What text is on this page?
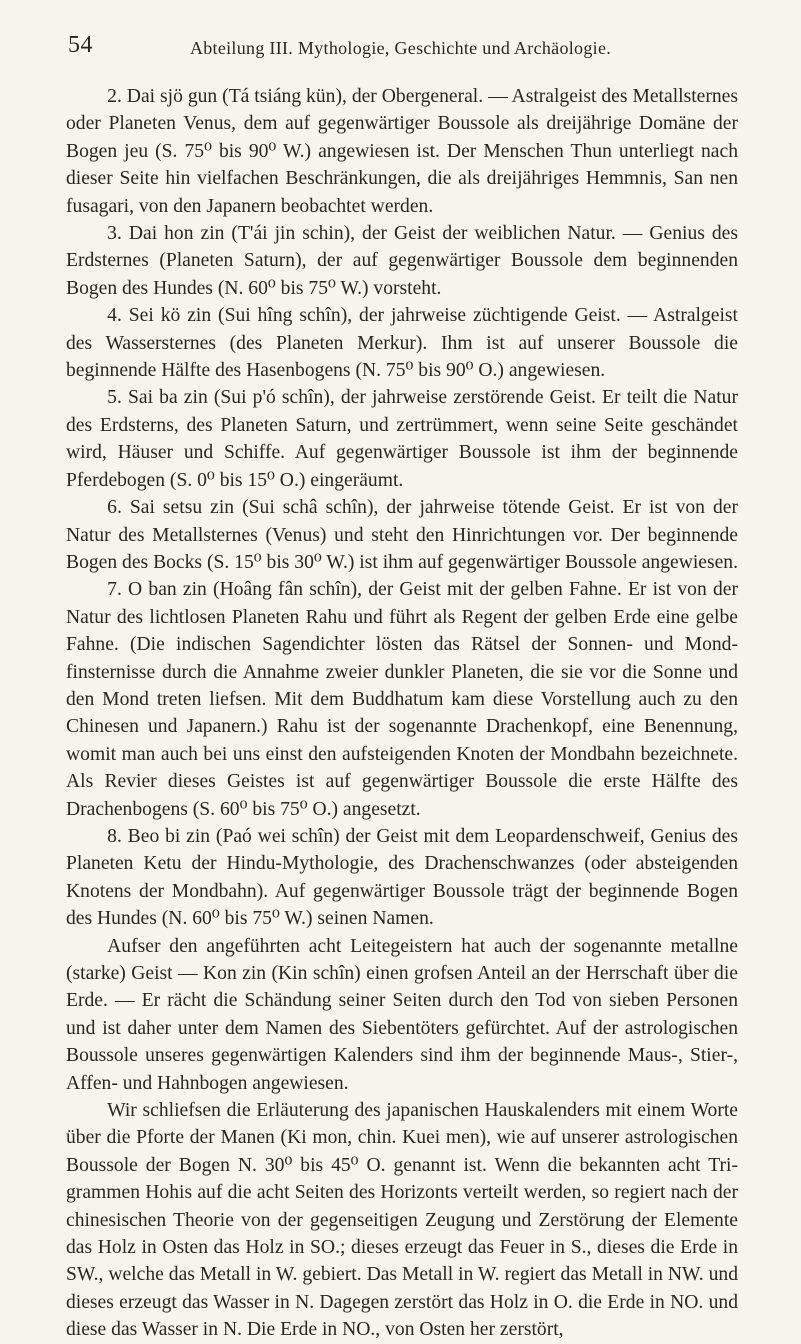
54	Abteilung III. Mythologie, Geschichte und Archäologie.

2. Dai sjö gun (Tá tsiáng kün), der Obergeneral. — Astralgeist des Metallsternes oder Planeten Venus, dem auf gegenwärtiger Boussole als dreijährige Domäne der Bogen jeu (S. 75⁰ bis 90⁰ W.) angewiesen ist. Der Menschen Thun unterliegt nach dieser Seite hin vielfachen Beschränkungen, die als dreijähriges Hemmnis, San nen fusagari, von den Japanern beobachtet werden.

3. Dai hon zin (T'ái jin schin), der Geist der weiblichen Natur. — Genius des Erdsternes (Planeten Saturn), der auf gegenwärtiger Boussole dem beginnenden Bogen des Hundes (N. 60⁰ bis 75⁰ W.) vorsteht.

4. Sei kö zin (Sui hîng schîn), der jahrweise züchtigende Geist. — Astralgeist des Wassersternes (des Planeten Merkur). Ihm ist auf unserer Boussole die beginnende Hälfte des Hasenbogens (N. 75⁰ bis 90⁰ O.) angewiesen.

5. Sai ba zin (Sui p'ó schîn), der jahrweise zerstörende Geist. Er teilt die Natur des Erdsterns, des Planeten Saturn, und zertrümmert, wenn seine Seite geschändet wird, Häuser und Schiffe. Auf gegenwärtiger Boussole ist ihm der beginnende Pferdebogen (S. 0⁰ bis 15⁰ O.) eingeräumt.

6. Sai setsu zin (Sui schâ schîn), der jahrweise tötende Geist. Er ist von der Natur des Metallsternes (Venus) und steht den Hinrichtungen vor. Der beginnende Bogen des Bocks (S. 15⁰ bis 30⁰ W.) ist ihm auf gegenwärtiger Boussole angewiesen.

7. O ban zin (Hoâng fân schîn), der Geist mit der gelben Fahne. Er ist von der Natur des lichtlosen Planeten Rahu und führt als Regent der gelben Erde eine gelbe Fahne. (Die indischen Sagendichter lösten das Rätsel der Sonnen- und Mondfinsternisse durch die Annahme zweier dunkler Planeten, die sie vor die Sonne und den Mond treten liefsen. Mit dem Buddhatum kam diese Vorstellung auch zu den Chinesen und Japanern.) Rahu ist der sogenannte Drachenkopf, eine Benennung, womit man auch bei uns einst den aufsteigenden Knoten der Mondbahn bezeichnete. Als Revier dieses Geistes ist auf gegenwärtiger Boussole die erste Hälfte des Drachenbogens (S. 60⁰ bis 75⁰ O.) angesetzt.

8. Beo bi zin (Paó wei schîn) der Geist mit dem Leopardenschweif, Genius des Planeten Ketu der Hindu-Mythologie, des Drachenschwanzes (oder absteigenden Knotens der Mondbahn). Auf gegenwärtiger Boussole trägt der beginnende Bogen des Hundes (N. 60⁰ bis 75⁰ W.) seinen Namen.

Aufser den angeführten acht Leitegeistern hat auch der sogenannte metallne (starke) Geist — Kon zin (Kin schîn) einen grofsen Anteil an der Herrschaft über die Erde. — Er rächt die Schändung seiner Seiten durch den Tod von sieben Personen und ist daher unter dem Namen des Siebentöters gefürchtet. Auf der astrologischen Boussole unseres gegenwärtigen Kalenders sind ihm der beginnende Maus-, Stier-, Affen- und Hahnbogen angewiesen.

Wir schliefsen die Erläuterung des japanischen Hauskalenders mit einem Worte über die Pforte der Manen (Ki mon, chin. Kuei men), wie auf unserer astrologischen Boussole der Bogen N. 30⁰ bis 45⁰ O. genannt ist. Wenn die bekannten acht Trigrammen Hohis auf die acht Seiten des Horizonts verteilt werden, so regiert nach der chinesischen Theorie von der gegenseitigen Zeugung und Zerstörung der Elemente das Holz in Osten das Holz in SO.; dieses erzeugt das Feuer in S., dieses die Erde in SW., welche das Metall in W. gebiert. Das Metall in W. regiert das Metall in NW. und dieses erzeugt das Wasser in N. Dagegen zerstört das Holz in O. die Erde in NO. und diese das Wasser in N. Die Erde in NO., von Osten her zerstört,
